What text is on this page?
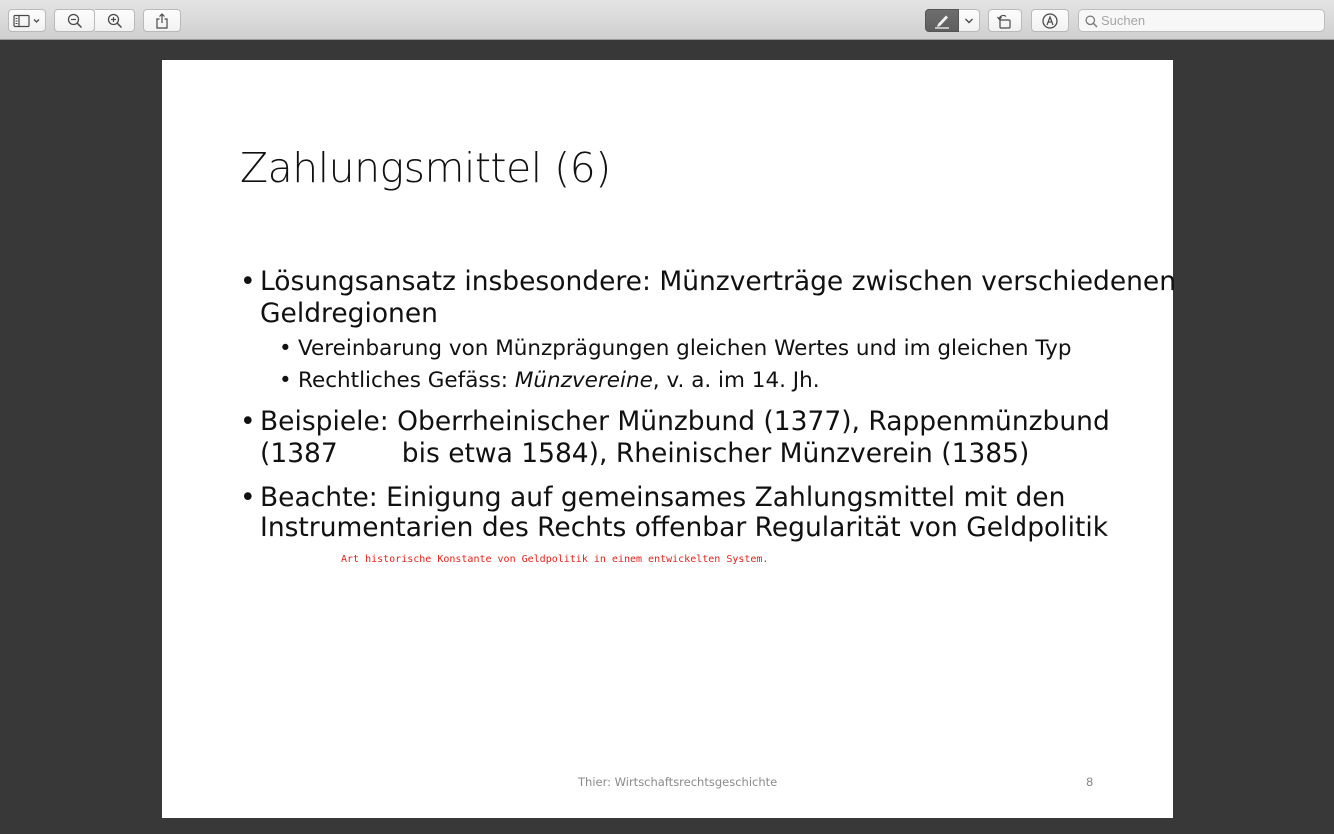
Suchen
Zahlungsmittel (6)
• Lösungsansatz insbesondere: Münzverträge zwischen verschiedenen
Geldregionen
• Vereinbarung von Münzprägungen gleichen Wertes und im gleichen Typ
• Rechtliches Gefäss: Münzvereine, v. a. im 14. Jh.
• Beispiele: Oberrheinischer Münzbund (1377), Rappenmünzbund
(1387 bis etwa 1584), Rheinischer Münzverein (1385)
• Beachte: Einigung auf gemeinsames Zahlungsmittel mit den
Instrumentarien des Rechts offenbar Regularität von Geldpolitik
Art historische Konstante von Geldpolitik in einem entwickelten System.
Thier: Wirtschaftsrechtsgeschichte	8
